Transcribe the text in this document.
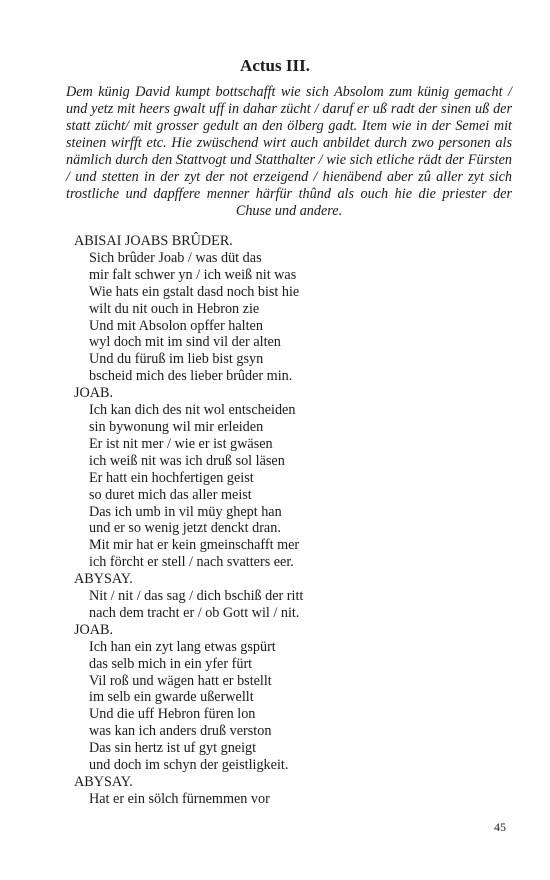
Actus III.
Dem künig David kumpt bottschafft wie sich Absolom zum künig gemacht / und yetz mit heers gwalt uff in dahar zücht / daruf er uß radt der sinen uß der statt zücht/ mit grosser gedult an den ölberg gadt. Item wie in der Semei mit steinen wirfft etc. Hie zwüschend wirt auch anbildet durch zwo personen als nämlich durch den Stattvogt und Statthalter / wie sich etliche rädt der Fürsten / und stetten in der zyt der not erzeigend / hienäbend aber zû aller zyt sich trostliche und dapffere menner härfür thûnd als ouch hie die priester der Chuse und andere.
ABISAI JOABS BRÛDER.
Sich brûder Joab / was düt das
mir falt schwer yn / ich weiß nit was
Wie hats ein gstalt dasd noch bist hie
wilt du nit ouch in Hebron zie
Und mit Absolon opffer halten
wyl doch mit im sind vil der alten
Und du füruß im lieb bist gsyn
bscheid mich des lieber brûder min.
JOAB.
Ich kan dich des nit wol entscheiden
sin bywonung wil mir erleiden
Er ist nit mer / wie er ist gwäsen
ich weiß nit was ich druß sol läsen
Er hatt ein hochfertigen geist
so duret mich das aller meist
Das ich umb in vil müy ghept han
und er so wenig jetzt denckt dran.
Mit mir hat er kein gmeinschafft mer
ich förcht er stell / nach svatters eer.
ABYSAY.
Nit / nit / das sag / dich bschiß der ritt
nach dem tracht er / ob Gott wil / nit.
JOAB.
Ich han ein zyt lang etwas gspürt
das selb mich in ein yfer fürt
Vil roß und wägen hatt er bstellt
im selb ein gwarde ußerwellt
Und die uff Hebron füren lon
was kan ich anders druß verston
Das sin hertz ist uf gyt gneigt
und doch im schyn der geistligkeit.
ABYSAY.
Hat er ein sölch fürnemmen vor
45
